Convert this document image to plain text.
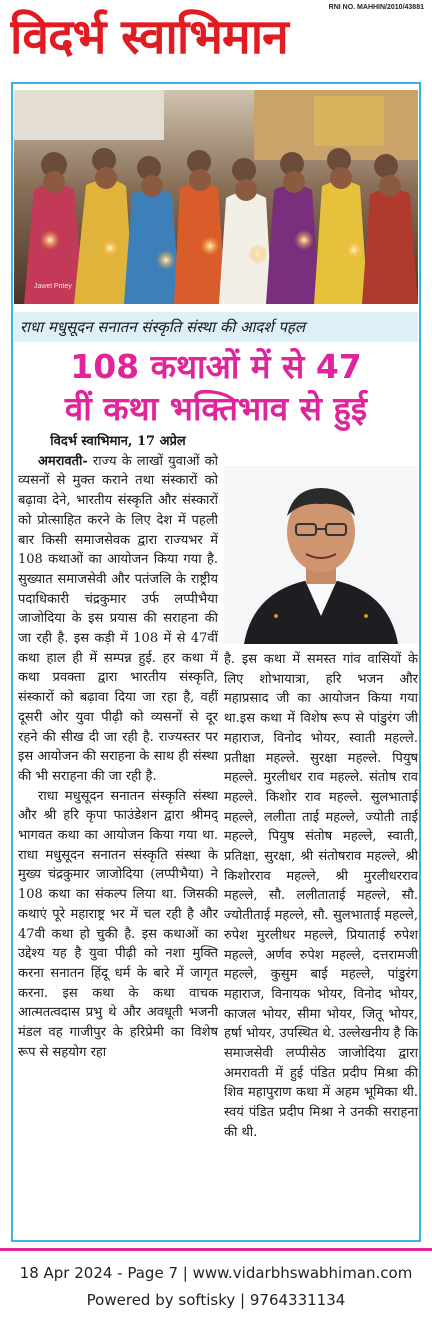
विदर्भ स्वाभिमान
RNI NO. MAHHIN/2010/43881
Jawel Pritey
राधा मधुसूदन सनातन संस्कृति संस्था की आदर्श पहल
108 कथाओं में से 47
वीं कथा भक्तिभाव से हुई

विदर्भ स्वाभिमान, 17 अप्रेल

अमरावती- राज्य के लाखों युवाओं को व्यसनों से मुक्त कराने तथा संस्कारों को बढ़ावा देने, भारतीय संस्कृति और संस्कारों को प्रोत्साहित करने के लिए देश में पहली बार किसी समाजसेवक द्वारा राज्यभर में 108 कथाओं का आयोजन किया गया है. सुख्यात समाजसेवी और पतंजलि के राष्ट्रीय पदाधिकारी चंद्रकुमार उर्फ लप्पीभैया जाजोदिया के इस प्रयास की सराहना की जा रही है. इस कड़ी में 108 में से 47वीं कथा हाल ही में सम्पन्न हुई. हर कथा में कथा प्रवक्ता द्वारा भारतीय संस्कृति, संस्कारों को बढ़ावा दिया जा रहा है, वहीं दूसरी ओर युवा पीढ़ी को व्यसनों से दूर रहने की सीख दी जा रही है. राज्यस्तर पर इस आयोजन की सराहना के साथ ही संस्था की भी सराहना की जा रही है.

राधा मधुसूदन सनातन संस्कृति संस्था और श्री हरि कृपा फाउंडेशन द्वारा श्रीमद् भागवत कथा का आयोजन किया गया था. राधा मधुसूदन सनातन संस्कृति संस्था के मुख्य चंद्रकुमार जाजोदिया (लप्पीभैया) ने 108 कथा का संकल्प लिया था. जिसकी कथाएं पूरे महाराष्ट्र भर में चल रही है और 47वी कथा हो चुकी है. इस कथाओं का उद्देश्य यह है युवा पीढ़ी को नशा मुक्ति करना सनातन हिंदू धर्म के बारे में जागृत करना. इस कथा के कथा वाचक आत्मतत्वदास प्रभु थे और अवधूती भजनी मंडल वह गाजीपुर के हरिप्रेमी का विशेष रूप से सहयोग रहा

है. इस कथा में समस्त गांव वासियों के लिए शोभायात्रा, हरि भजन और महाप्रसाद जी का आयोजन किया गया था.इस कथा में विशेष रूप से पांडुरंग जी महाराज, विनोद भोयर, स्वाती महल्ले. प्रतीक्षा महल्ले. सुरक्षा महल्ले. पियुष महल्ले. मुरलीधर राव महल्ले. संतोष राव महल्ले. किशोर राव महल्ले. सुलभाताई महल्ले, ललीता ताई महल्ले, ज्योती ताई महल्ले, पियुष संतोष महल्ले, स्वाती, प्रतिक्षा, सुरक्षा, श्री संतोषराव महल्ले, श्री किशोरराव महल्ले, श्री मुरलीधरराव महल्ले, सौ. ललीताताई महल्ले, सौ. ज्योतीताई महल्ले, सौ. सुलभाताई महल्ले, रुपेश मुरलीधर महल्ले, प्रियाताई रुपेश महल्ले, अर्णव रुपेश महल्ले, दत्तरामजी महल्ले, कुसुम बाई महल्ले, पांडुरंग महाराज, विनायक भोयर, विनोद भोयर, काजल भोयर, सीमा भोयर, जितू भोयर, हर्षा भोयर, उपस्थित थे. उल्लेखनीय है कि समाजसेवी लप्पीसेठ जाजोदिया द्वारा अमरावती में हुई पंडित प्रदीप मिश्रा की शिव महापुराण कथा में अहम भूमिका थी. स्वयं पंडित प्रदीप मिश्रा ने उनकी सराहना की थी.

18 Apr 2024 - Page 7 | www.vidarbhswabhiman.com
Powered by softisky | 9764331134
